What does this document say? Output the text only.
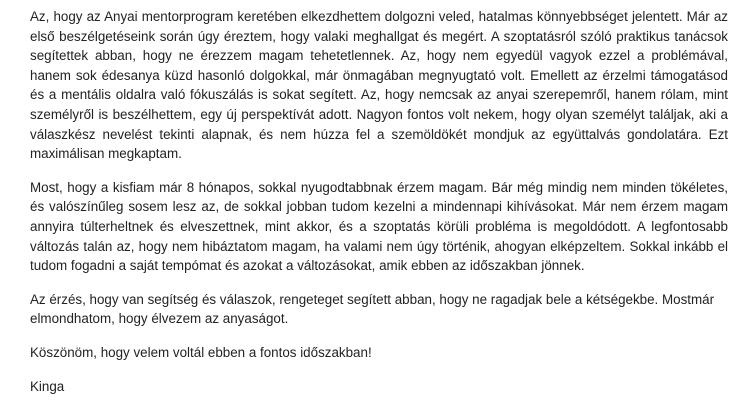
Az, hogy az Anyai mentorprogram keretében elkezdhettem dolgozni veled, hatalmas könnyebbséget jelentett. Már az első beszélgetéseink során úgy éreztem, hogy valaki meghallgat és megért. A szoptatásról szóló praktikus tanácsok segítettek abban, hogy ne érezzem magam tehetetlennek. Az, hogy nem egyedül vagyok ezzel a problémával, hanem sok édesanya küzd hasonló dolgokkal, már önmagában megnyugtató volt. Emellett az érzelmi támogatásod és a mentális oldalra való fókuszálás is sokat segített. Az, hogy nemcsak az anyai szerepemről, hanem rólam, mint személyről is beszélhettem, egy új perspektívát adott. Nagyon fontos volt nekem, hogy olyan személyt találjak, aki a válaszkész nevelést tekinti alapnak, és nem húzza fel a szemöldökét mondjuk az együttalvás gondolatára. Ezt maximálisan megkaptam.

Most, hogy a kisfiam már 8 hónapos, sokkal nyugodtabbnak érzem magam. Bár még mindig nem minden tökéletes, és valószínűleg sosem lesz az, de sokkal jobban tudom kezelni a mindennapi kihívásokat. Már nem érzem magam annyira túlterheltnek és elveszettnek, mint akkor, és a szoptatás körüli probléma is megoldódott. A legfontosabb változás talán az, hogy nem hibáztatom magam, ha valami nem úgy történik, ahogyan elképzeltem. Sokkal inkább el tudom fogadni a saját tempómat és azokat a változásokat, amik ebben az időszakban jönnek.

Az érzés, hogy van segítség és válaszok, rengeteget segített abban, hogy ne ragadjak bele a kétségekbe. Mostmár elmondhatom, hogy élvezem az anyaságot.

Köszönöm, hogy velem voltál ebben a fontos időszakban!

Kinga
